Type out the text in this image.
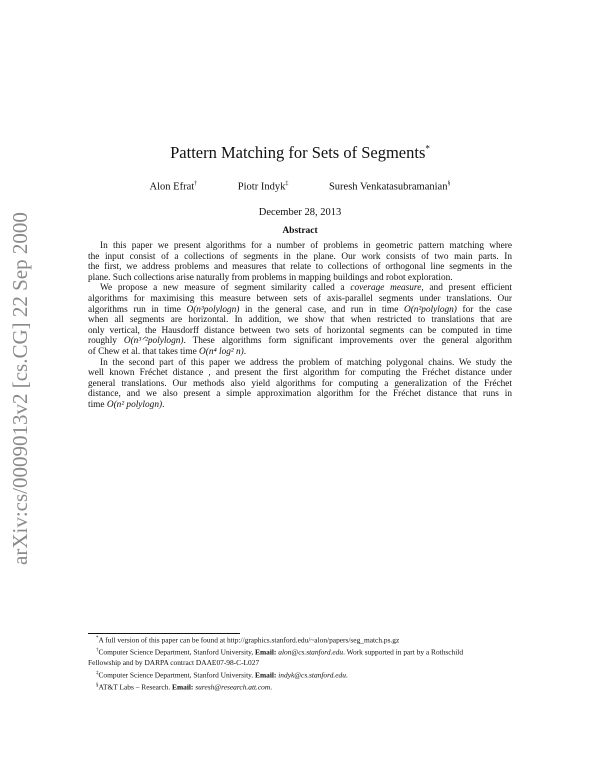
arXiv:cs/0009013v2 [cs.CG] 22 Sep 2000
Pattern Matching for Sets of Segments*
Alon Efrat†	Piotr Indyk‡	Suresh Venkatasubramanian§
December 28, 2013
Abstract
In this paper we present algorithms for a number of problems in geometric pattern matching where
the input consist of a collections of segments in the plane. Our work consists of two main parts. In
the first, we address problems and measures that relate to collections of orthogonal line segments in the
plane. Such collections arise naturally from problems in mapping buildings and robot exploration.
We propose a new measure of segment similarity called a coverage measure, and present efficient
algorithms for maximising this measure between sets of axis-parallel segments under translations. Our
algorithms run in time O(n³polylogn) in the general case, and run in time O(n²polylogn) for the case
when all segments are horizontal. In addition, we show that when restricted to translations that are
only vertical, the Hausdorff distance between two sets of horizontal segments can be computed in time
roughly O(n³ᐟ²polylogn). These algorithms form significant improvements over the general algorithm
of Chew et al. that takes time O(n⁴ log² n).
In the second part of this paper we address the problem of matching polygonal chains. We study the
well known Fréchet distance , and present the first algorithm for computing the Fréchet distance under
general translations. Our methods also yield algorithms for computing a generalization of the Fréchet
distance, and we also present a simple approximation algorithm for the Fréchet distance that runs in
time O(n² polylogn).
*A full version of this paper can be found at http://graphics.stanford.edu/~alon/papers/seg_match.ps.gz
†Computer Science Department, Stanford University, Email: alon@cs.stanford.edu. Work supported in part by a Rothschild
Fellowship and by DARPA contract DAAE07-98-C-L027
‡Computer Science Department, Stanford University. Email: indyk@cs.stanford.edu.
§AT&T Labs – Research. Email: suresh@research.att.com.
